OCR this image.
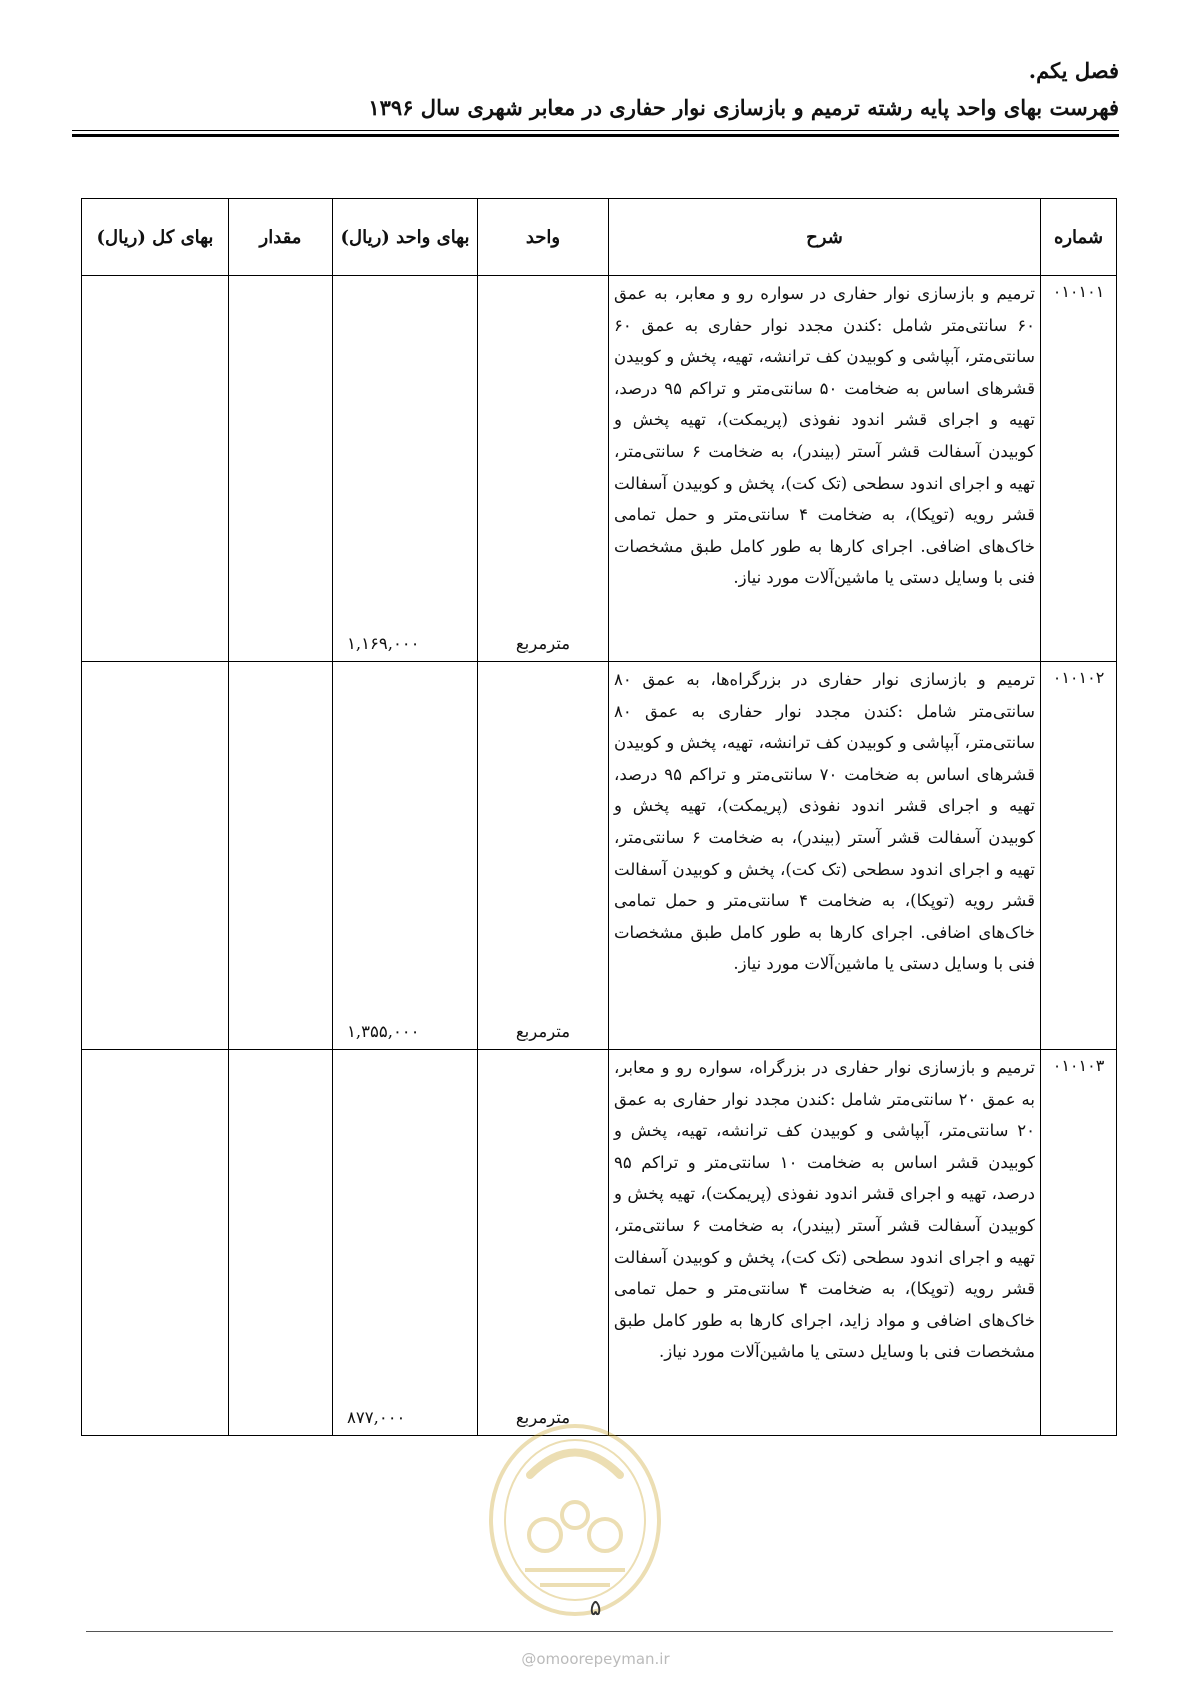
فصل یکم.
فهرست بهای واحد پایه رشته ترمیم و بازسازی نوار حفاری در معابر شهری سال ۱۳۹۶
شماره	شرح	واحد	بهای واحد (ریال)	مقدار	بهای کل (ریال)
۰۱۰۱۰۱	ترمیم و بازسازی نوار حفاری در سواره رو و معابر، به عمق ۶۰ سانتی‌متر شامل :کندن مجدد نوار حفاری به عمق ۶۰ سانتی‌متر، آبپاشی و کوبیدن کف ترانشه، تهیه، پخش و کوبیدن قشرهای اساس به ضخامت ۵۰ سانتی‌متر و تراکم ۹۵ درصد، تهیه و اجرای قشر اندود نفوذی (پریمکت)، تهیه پخش و کوبیدن آسفالت قشر آستر (بیندر)، به ضخامت ۶ سانتی‌متر، تهیه و اجرای اندود سطحی (تک کت)، پخش و کوبیدن آسفالت قشر رویه (توپکا)، به ضخامت ۴ سانتی‌متر و حمل تمامی خاک‌های اضافی. اجرای کارها به طور کامل طبق مشخصات فنی با وسایل دستی یا ماشین‌آلات مورد نیاز.	مترمربع	۱,۱۶۹,۰۰۰		
۰۱۰۱۰۲	ترمیم و بازسازی نوار حفاری در بزرگراه‌ها، به عمق ۸۰ سانتی‌متر شامل :کندن مجدد نوار حفاری به عمق ۸۰ سانتی‌متر، آبپاشی و کوبیدن کف ترانشه، تهیه، پخش و کوبیدن قشرهای اساس به ضخامت ۷۰ سانتی‌متر و تراکم ۹۵ درصد، تهیه و اجرای قشر اندود نفوذی (پریمکت)، تهیه پخش و کوبیدن آسفالت قشر آستر (بیندر)، به ضخامت ۶ سانتی‌متر، تهیه و اجرای اندود سطحی (تک کت)، پخش و کوبیدن آسفالت قشر رویه (توپکا)، به ضخامت ۴ سانتی‌متر و حمل تمامی خاک‌های اضافی. اجرای کارها به طور کامل طبق مشخصات فنی با وسایل دستی یا ماشین‌آلات مورد نیاز.	مترمربع	۱,۳۵۵,۰۰۰		
۰۱۰۱۰۳	ترمیم و بازسازی نوار حفاری در بزرگراه، سواره رو و معابر، به عمق ۲۰ سانتی‌متر شامل :کندن مجدد نوار حفاری به عمق ۲۰ سانتی‌متر، آبپاشی و کوبیدن کف ترانشه، تهیه، پخش و کوبیدن قشر اساس به ضخامت ۱۰ سانتی‌متر و تراکم ۹۵ درصد، تهیه و اجرای قشر اندود نفوذی (پریمکت)، تهیه پخش و کوبیدن آسفالت قشر آستر (بیندر)، به ضخامت ۶ سانتی‌متر، تهیه و اجرای اندود سطحی (تک کت)، پخش و کوبیدن آسفالت قشر رویه (توپکا)، به ضخامت ۴ سانتی‌متر و حمل تمامی خاک‌های اضافی و مواد زاید، اجرای کارها به طور کامل طبق مشخصات فنی با وسایل دستی یا ماشین‌آلات مورد نیاز.	مترمربع	۸۷۷,۰۰۰		
۵
@omoorepeyman.ir
